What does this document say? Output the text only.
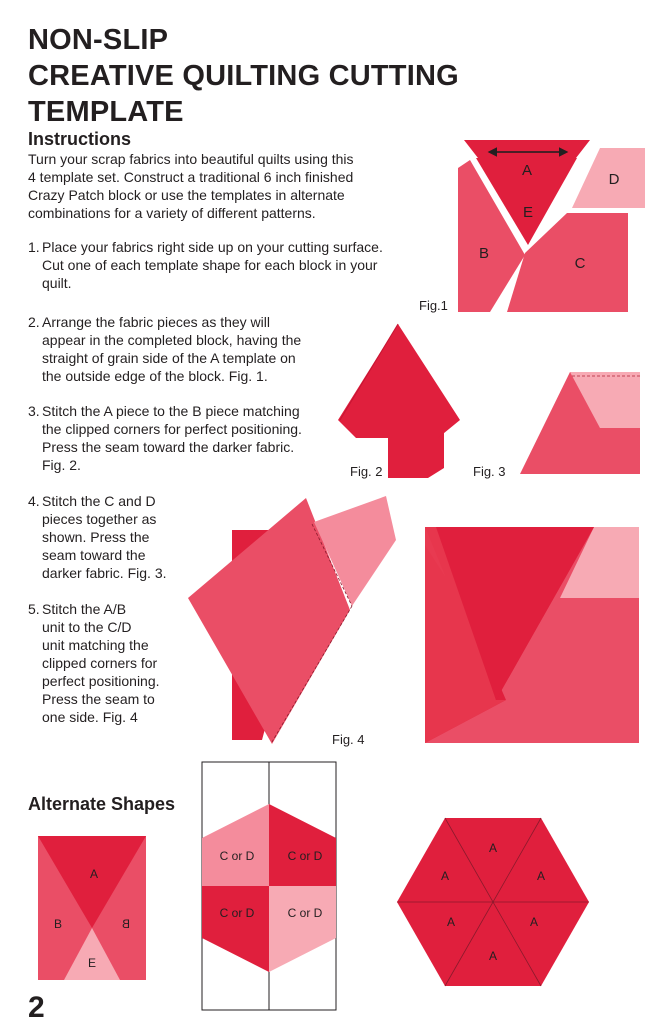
NON-SLIP
CREATIVE QUILTING CUTTING
TEMPLATE
Instructions
Turn your scrap fabrics into beautiful quilts using this
4 template set. Construct a traditional 6 inch finished
Crazy Patch block or use the templates in alternate
combinations for a variety of different patterns.
1. Place your fabrics right side up on your cutting surface.
Cut one of each template shape for each block in your
quilt.
2. Arrange the fabric pieces as they will
appear in the completed block, having the
straight of grain side of the A template on
the outside edge of the block. Fig. 1.
3. Stitch the A piece to the B piece matching
the clipped corners for perfect positioning.
Press the seam toward the darker fabric.
Fig. 2.
4. Stitch the C and D
pieces together as
shown. Press the
seam toward the
darker fabric. Fig. 3.
5. Stitch the A/B
unit to the C/D
unit matching the
clipped corners for
perfect positioning.
Press the seam to
one side. Fig. 4
Alternate Shapes
2
A
E
B
C
D
Fig.1
Fig. 2	Fig. 3
Fig. 4
A
B	B
E
C or D	C or D
C or D	C or D
A
A	A
A	A
A
